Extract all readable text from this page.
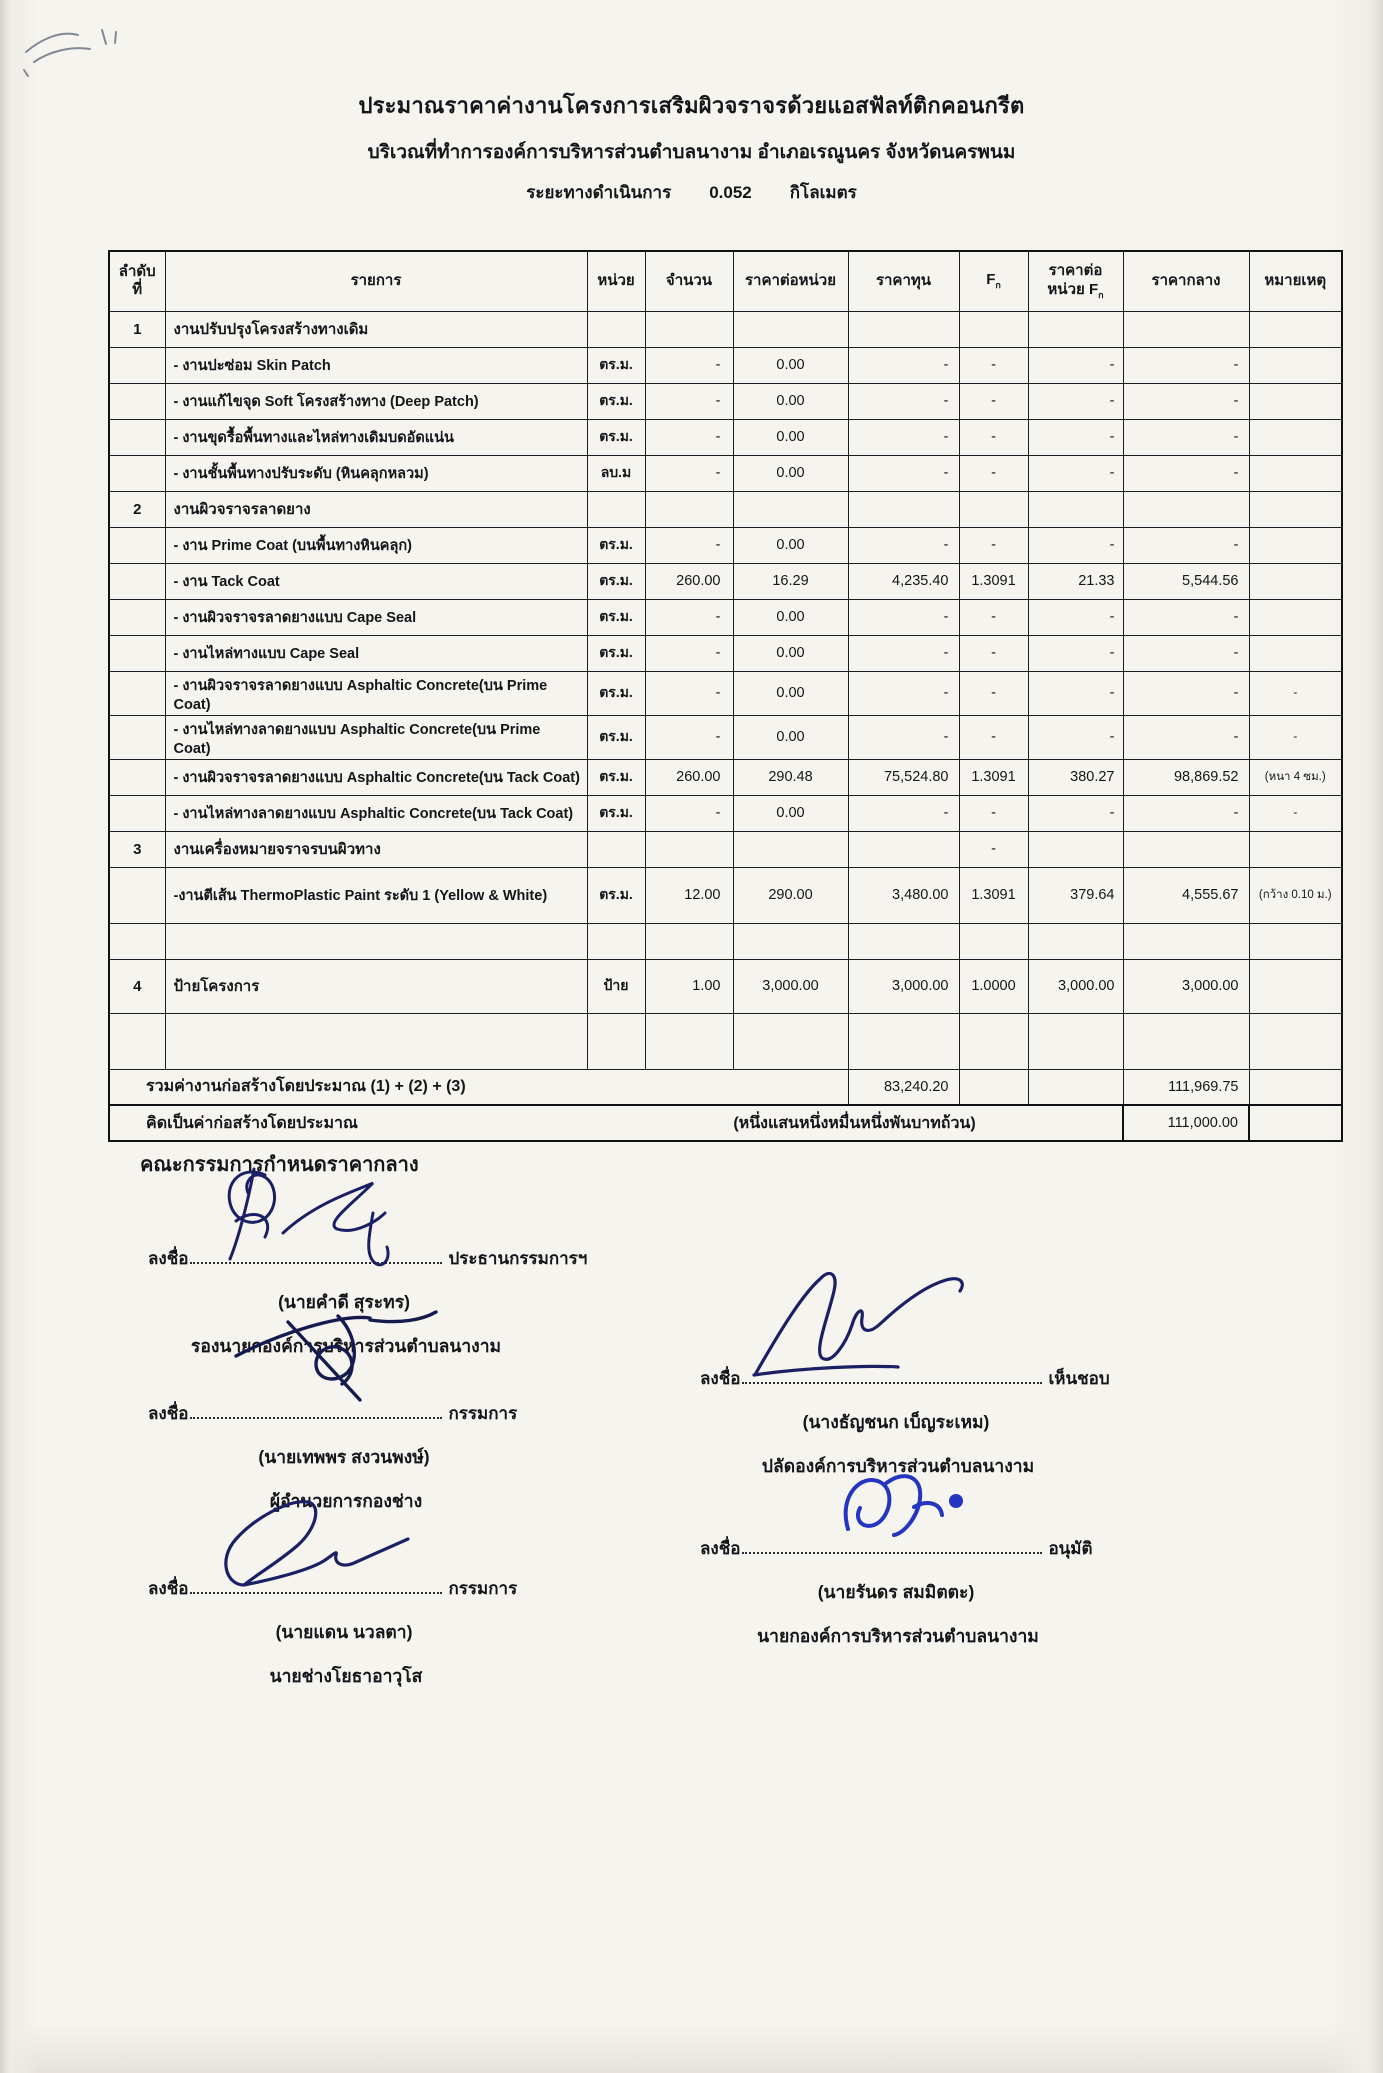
ประมาณราคาค่างานโครงการเสริมผิวจราจรด้วยแอสฟัลท์ติกคอนกรีต
บริเวณที่ทำการองค์การบริหารส่วนตำบลนางาม อำเภอเรณูนคร จังหวัดนครพนม
ระยะทางดำเนินการ 0.052 กิโลเมตร
ลำดับ
ที่	รายการ	หน่วย	จำนวน	ราคาต่อหน่วย	ราคาทุน	$F_ก$	ราคาต่อ
หน่วย $F_ก$	ราคากลาง	หมายเหตุ
1	งานปรับปรุงโครงสร้างทางเดิม								
	- งานปะซ่อม Skin Patch	ตร.ม.	-	0.00	-	-	-	-	
	- งานแก้ไขจุด Soft โครงสร้างทาง (Deep Patch)	ตร.ม.	-	0.00	-	-	-	-	
	- งานขุดรื้อพื้นทางและไหล่ทางเดิมบดอัดแน่น	ตร.ม.	-	0.00	-	-	-	-	
	- งานชั้นพื้นทางปรับระดับ (หินคลุกหลวม)	ลบ.ม	-	0.00	-	-	-	-	
2	งานผิวจราจรลาดยาง								
	- งาน Prime Coat (บนพื้นทางหินคลุก)	ตร.ม.	-	0.00	-	-	-	-	
	- งาน Tack Coat	ตร.ม.	260.00	16.29	4,235.40	1.3091	21.33	5,544.56	
	- งานผิวจราจรลาดยางแบบ Cape Seal	ตร.ม.	-	0.00	-	-	-	-	
	- งานไหล่ทางแบบ Cape Seal	ตร.ม.	-	0.00	-	-	-	-	
	- งานผิวจราจรลาดยางแบบ Asphaltic Concrete(บน Prime Coat)	ตร.ม.	-	0.00	-	-	-	-	-
	- งานไหล่ทางลาดยางแบบ Asphaltic Concrete(บน Prime Coat)	ตร.ม.	-	0.00	-	-	-	-	-
	- งานผิวจราจรลาดยางแบบ Asphaltic Concrete(บน Tack Coat)	ตร.ม.	260.00	290.48	75,524.80	1.3091	380.27	98,869.52	(หนา 4 ซม.)
	- งานไหล่ทางลาดยางแบบ Asphaltic Concrete(บน Tack Coat)	ตร.ม.	-	0.00	-	-	-	-	-
3	งานเครื่องหมายจราจรบนผิวทาง					-			
	-งานตีเส้น ThermoPlastic Paint ระดับ 1 (Yellow & White)	ตร.ม.	12.00	290.00	3,480.00	1.3091	379.64	4,555.67	(กว้าง 0.10 ม.)

4	ป้ายโครงการ	ป้าย	1.00	3,000.00	3,000.00	1.0000	3,000.00	3,000.00	

รวมค่างานก่อสร้างโดยประมาณ (1) + (2) + (3)					83,240.20			111,969.75	
คิดเป็นค่าก่อสร้างโดยประมาณ		(หนึ่งแสนหนึ่งหมื่นหนึ่งพันบาทถ้วน)						111,000.00	
คณะกรรมการกำหนดราคากลาง
ลงชื่อ	ประธานกรรมการฯ
(นายคำดี สุระทร)
รองนายกองค์การบริหารส่วนตำบลนางาม
ลงชื่อ	กรรมการ
(นายเทพพร สงวนพงษ์)
ผู้อำนวยการกองช่าง
ลงชื่อ	กรรมการ
(นายแดน นวลตา)
นายช่างโยธาอาวุโส
ลงชื่อ	เห็นชอบ
(นางธัญชนก เบ็ญระเหม)
ปลัดองค์การบริหารส่วนตำบลนางาม
ลงชื่อ	อนุมัติ
(นายรันดร สมมิตตะ)
นายกองค์การบริหารส่วนตำบลนางาม
